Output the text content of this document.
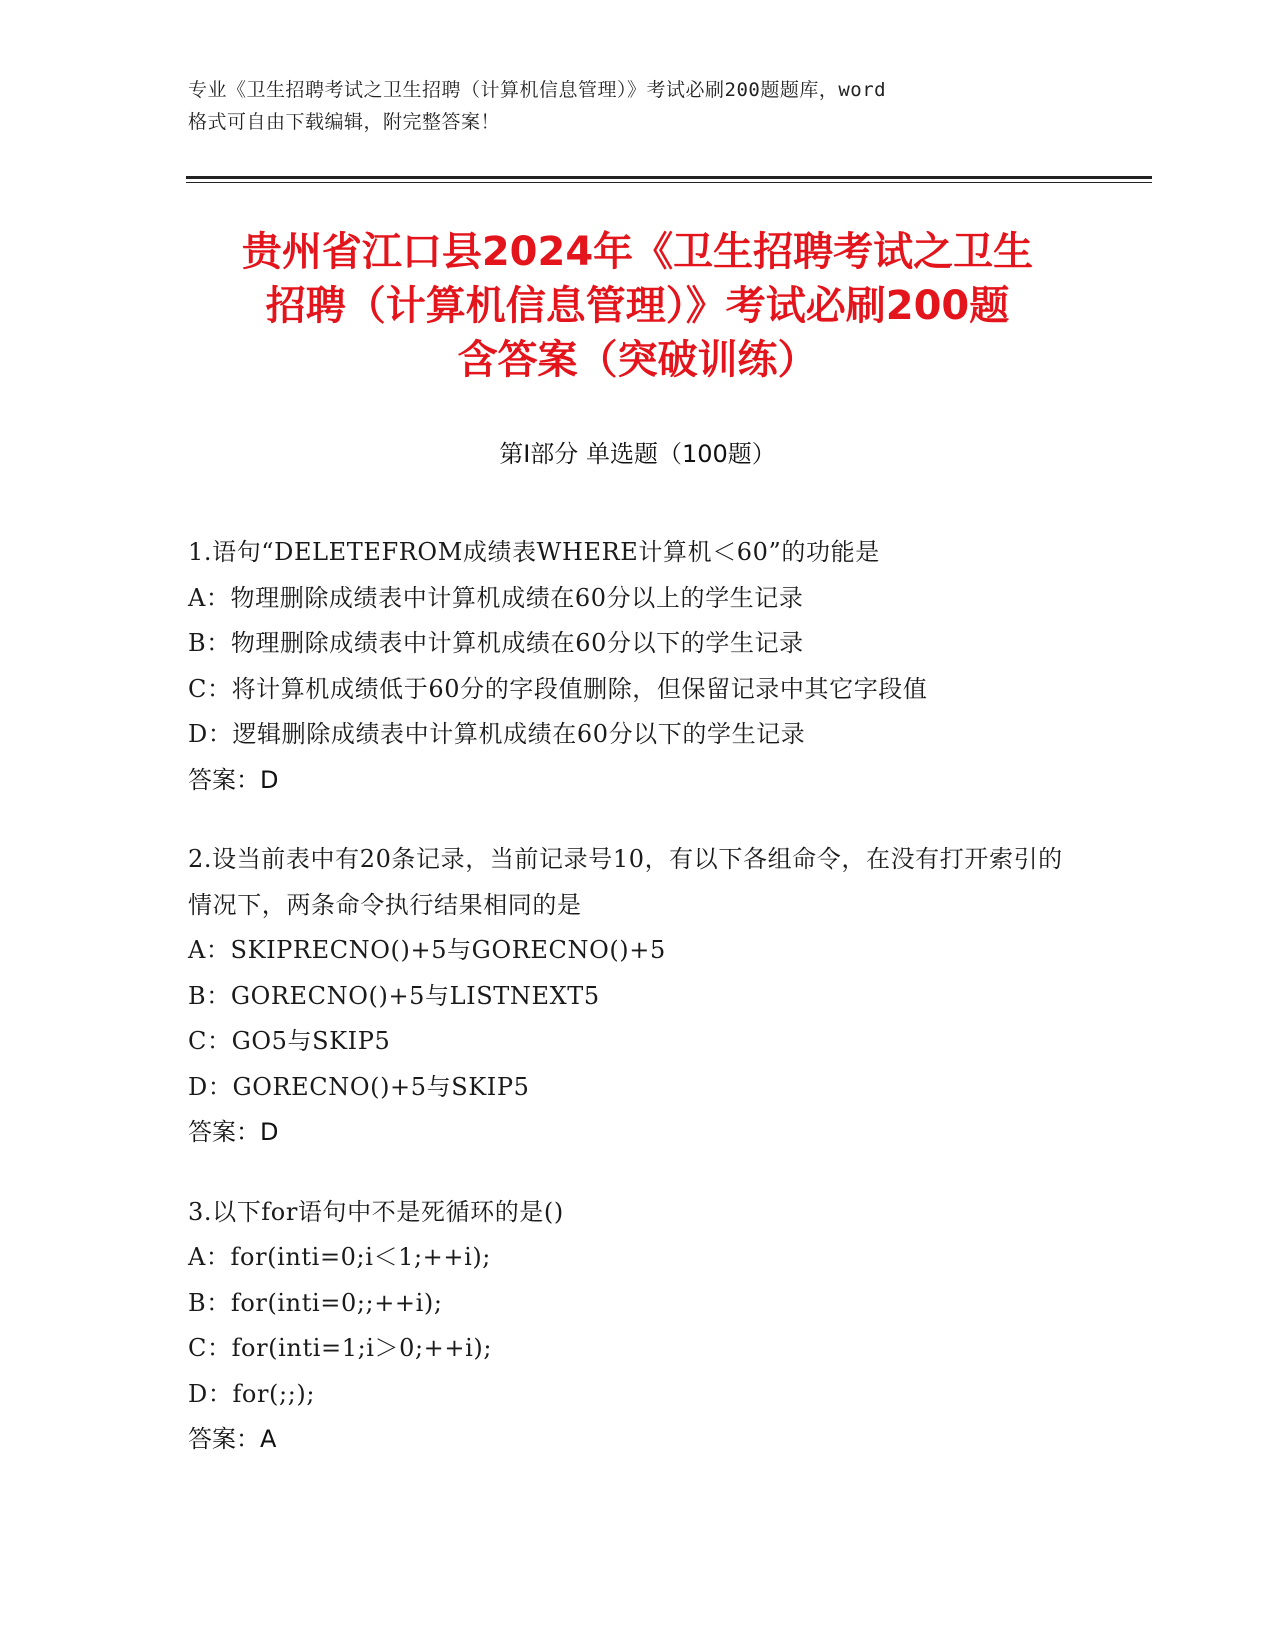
专业《卫生招聘考试之卫生招聘（计算机信息管理）》考试必刷200题题库，word
格式可自由下载编辑，附完整答案！
贵州省江口县2024年《卫生招聘考试之卫生
招聘（计算机信息管理）》考试必刷200题
含答案（突破训练）
第I部分 单选题（100题）
1.语句“DELETEFROM成绩表WHERE计算机＜60”的功能是
A：物理删除成绩表中计算机成绩在60分以上的学生记录
B：物理删除成绩表中计算机成绩在60分以下的学生记录
C：将计算机成绩低于60分的字段值删除，但保留记录中其它字段值
D：逻辑删除成绩表中计算机成绩在60分以下的学生记录
答案：D
2.设当前表中有20条记录，当前记录号10，有以下各组命令，在没有打开索引的情况下，两条命令执行结果相同的是
A：SKIPRECNO()+5与GORECNO()+5
B：GORECNO()+5与LISTNEXT5
C：GO5与SKIP5
D：GORECNO()+5与SKIP5
答案：D
3.以下for语句中不是死循环的是()
A：for(inti=0;i＜1;++i);
B：for(inti=0;;++i);
C：for(inti=1;i＞0;++i);
D：for(;;);
答案：A
